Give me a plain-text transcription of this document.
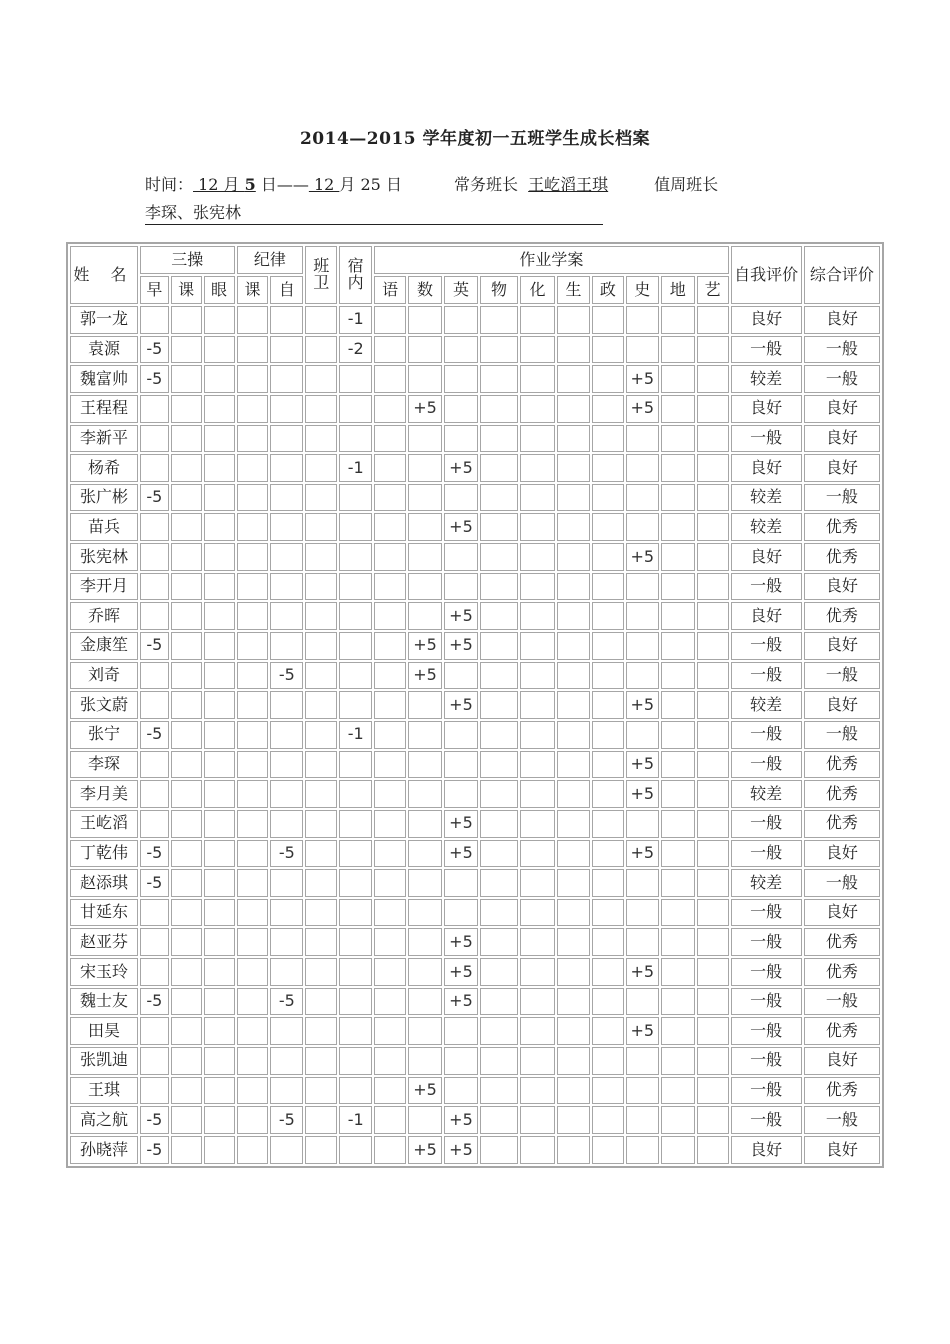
2014—2015 学年度初一五班学生成长档案
时间： 12 月 5 日—— 12 月 25 日	常务班长 王屹滔王琪	值周班长
李琛、张宪林
姓 名	三操			纪律		班卫	宿内	作业学案										自我评价	综合评价
	早	课	眼	课	自			语	数	英	物	化	生	政	史	地	艺		
郭一龙							-1											良好	良好
袁源	-5						-2											一般	一般
魏富帅	-5														+5			较差	一般
王程程									+5						+5			良好	良好
李新平																		一般	良好
杨希							-1			+5								良好	良好
张广彬	-5																	较差	一般
苗兵										+5								较差	优秀
张宪林															+5			良好	优秀
李开月																		一般	良好
乔晖										+5								良好	优秀
金康笙	-5								+5	+5								一般	良好
刘奇					-5				+5									一般	一般
张文蔚										+5					+5			较差	良好
张宁	-5						-1											一般	一般
李琛															+5			一般	优秀
李月美															+5			较差	优秀
王屹滔										+5								一般	优秀
丁乾伟	-5				-5					+5					+5			一般	良好
赵添琪	-5																	较差	一般
甘延东																		一般	良好
赵亚芬										+5								一般	优秀
宋玉玲										+5					+5			一般	优秀
魏士友	-5				-5					+5								一般	一般
田昊															+5			一般	优秀
张凯迪																		一般	良好
王琪									+5									一般	优秀
高之航	-5				-5		-1			+5								一般	一般
孙晓萍	-5								+5	+5								良好	良好
